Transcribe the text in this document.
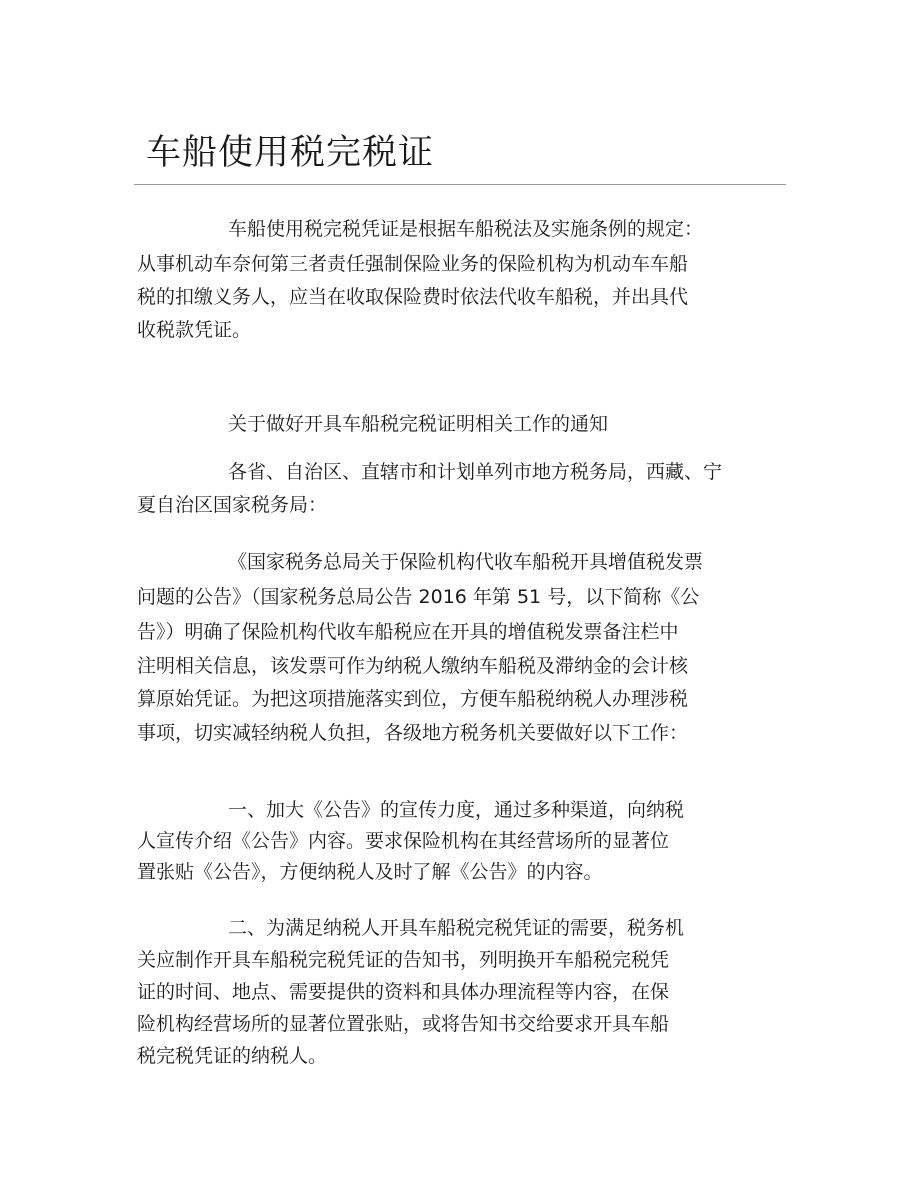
车船使用税完税证

车船使用税完税凭证是根据车船税法及实施条例的规定：

从事机动车奈何第三者责任强制保险业务的保险机构为机动车车船

税的扣缴义务人，应当在收取保险费时依法代收车船税，并出具代

收税款凭证。

关于做好开具车船税完税证明相关工作的通知

各省、自治区、直辖市和计划单列市地方税务局，西藏、宁

夏自治区国家税务局：

《国家税务总局关于保险机构代收车船税开具增值税发票

问题的公告》（国家税务总局公告 2016 年第 51 号，以下简称《公

告》）明确了保险机构代收车船税应在开具的增值税发票备注栏中

注明相关信息，该发票可作为纳税人缴纳车船税及滞纳金的会计核

算原始凭证。为把这项措施落实到位，方便车船税纳税人办理涉税

事项，切实减轻纳税人负担，各级地方税务机关要做好以下工作：

一、加大《公告》的宣传力度，通过多种渠道，向纳税

人宣传介绍《公告》内容。要求保险机构在其经营场所的显著位

置张贴《公告》，方便纳税人及时了解《公告》的内容。

二、为满足纳税人开具车船税完税凭证的需要，税务机

关应制作开具车船税完税凭证的告知书，列明换开车船税完税凭

证的时间、地点、需要提供的资料和具体办理流程等内容，在保

险机构经营场所的显著位置张贴，或将告知书交给要求开具车船

税完税凭证的纳税人。
